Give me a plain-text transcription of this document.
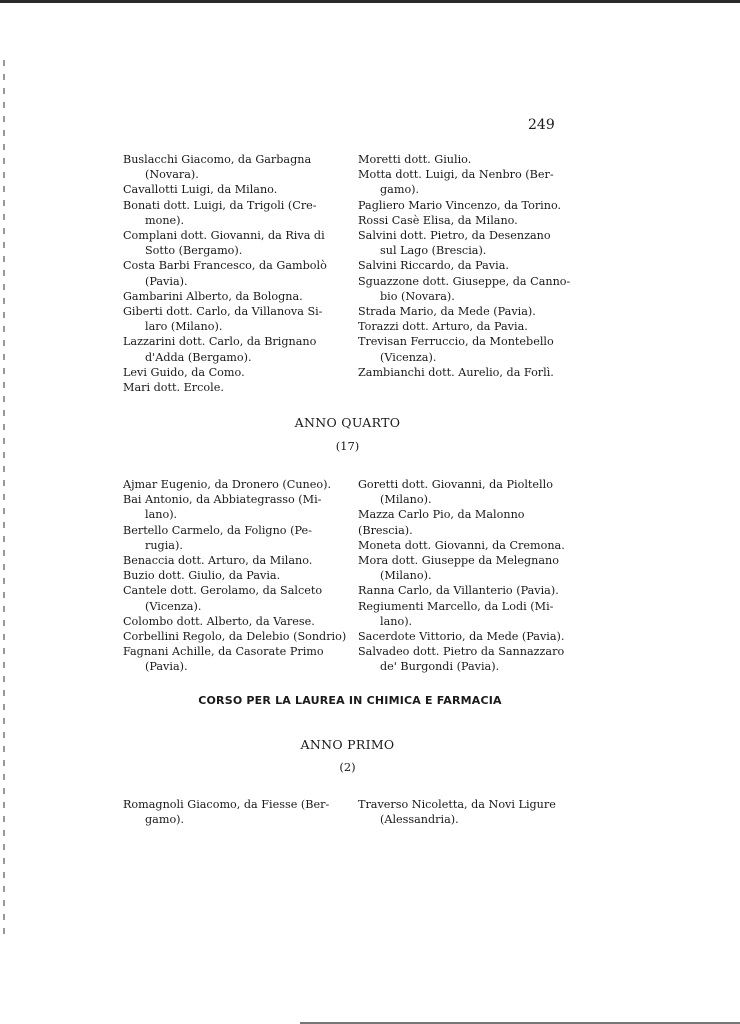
249
Buslacchi Giacomo, da Garbagna
(Novara).
Cavallotti Luigi, da Milano.
Bonati dott. Luigi, da Trigoli (Cre-
mone).
Complani dott. Giovanni, da Riva di
Sotto (Bergamo).
Costa Barbi Francesco, da Gambolò
(Pavia).
Gambarini Alberto, da Bologna.
Giberti dott. Carlo, da Villanova Si-
laro (Milano).
Lazzarini dott. Carlo, da Brignano
d'Adda (Bergamo).
Levi Guido, da Como.
Mari dott. Ercole.
Moretti dott. Giulio.
Motta dott. Luigi, da Nenbro (Ber-
gamo).
Pagliero Mario Vincenzo, da Torino.
Rossi Casè Elisa, da Milano.
Salvini dott. Pietro, da Desenzano
sul Lago (Brescia).
Salvini Riccardo, da Pavia.
Sguazzone dott. Giuseppe, da Canno-
bio (Novara).
Strada Mario, da Mede (Pavia).
Torazzi dott. Arturo, da Pavia.
Trevisan Ferruccio, da Montebello
(Vicenza).
Zambianchi dott. Aurelio, da Forlì.
ANNO QUARTO
(17)
Ajmar Eugenio, da Dronero (Cuneo).
Bai Antonio, da Abbiategrasso (Mi-
lano).
Bertello Carmelo, da Foligno (Pe-
rugia).
Benaccia dott. Arturo, da Milano.
Buzio dott. Giulio, da Pavia.
Cantele dott. Gerolamo, da Salceto
(Vicenza).
Colombo dott. Alberto, da Varese.
Corbellini Regolo, da Delebio (Sondrio)
Fagnani Achille, da Casorate Primo
(Pavia).
Goretti dott. Giovanni, da Pioltello
(Milano).
Mazza Carlo Pio, da Malonno (Brescia).
Moneta dott. Giovanni, da Cremona.
Mora dott. Giuseppe da Melegnano
(Milano).
Ranna Carlo, da Villanterio (Pavia).
Regiumenti Marcello, da Lodi (Mi-
lano).
Sacerdote Vittorio, da Mede (Pavia).
Salvadeo dott. Pietro da Sannazzaro
de' Burgondi (Pavia).
CORSO PER LA LAUREA IN CHIMICA E FARMACIA
ANNO PRIMO
(2)
Romagnoli Giacomo, da Fiesse (Ber-
gamo).
Traverso Nicoletta, da Novi Ligure
(Alessandria).
